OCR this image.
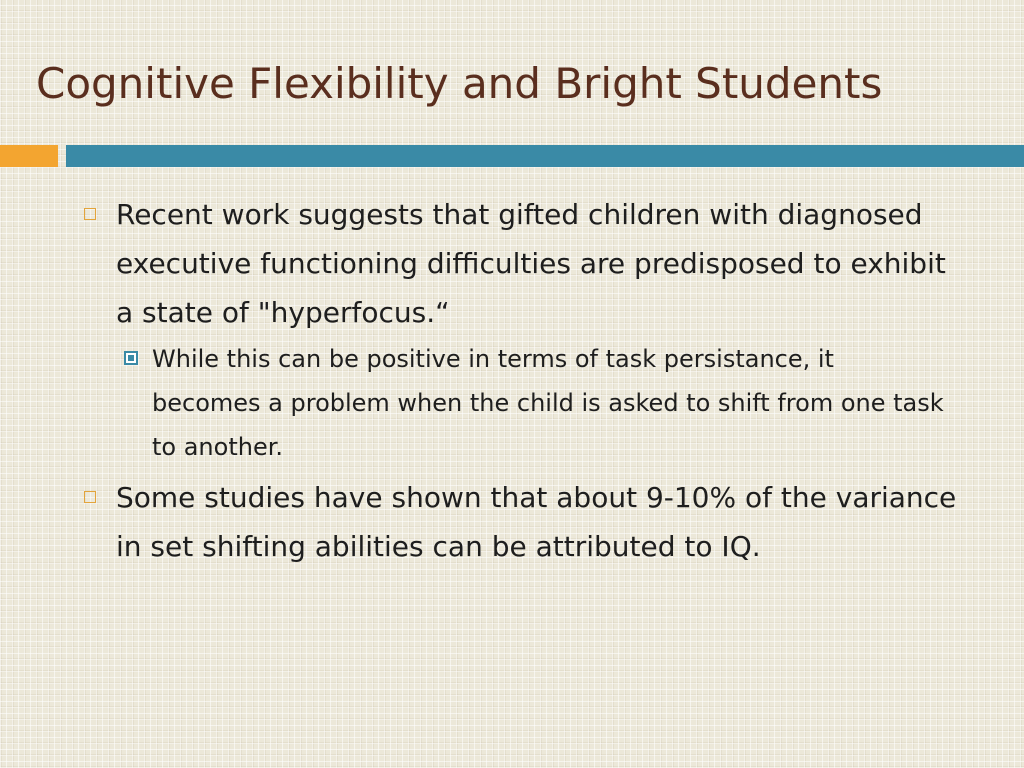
Cognitive Flexibility and Bright Students
Recent work suggests that gifted children with diagnosed executive functioning difficulties are predisposed to exhibit a state of "hyperfocus.“
While this can be positive in terms of task persistance, it becomes a problem when the child is asked to shift from one task to another.
Some studies have shown that about 9-10% of the variance in set shifting abilities can be attributed to IQ.
